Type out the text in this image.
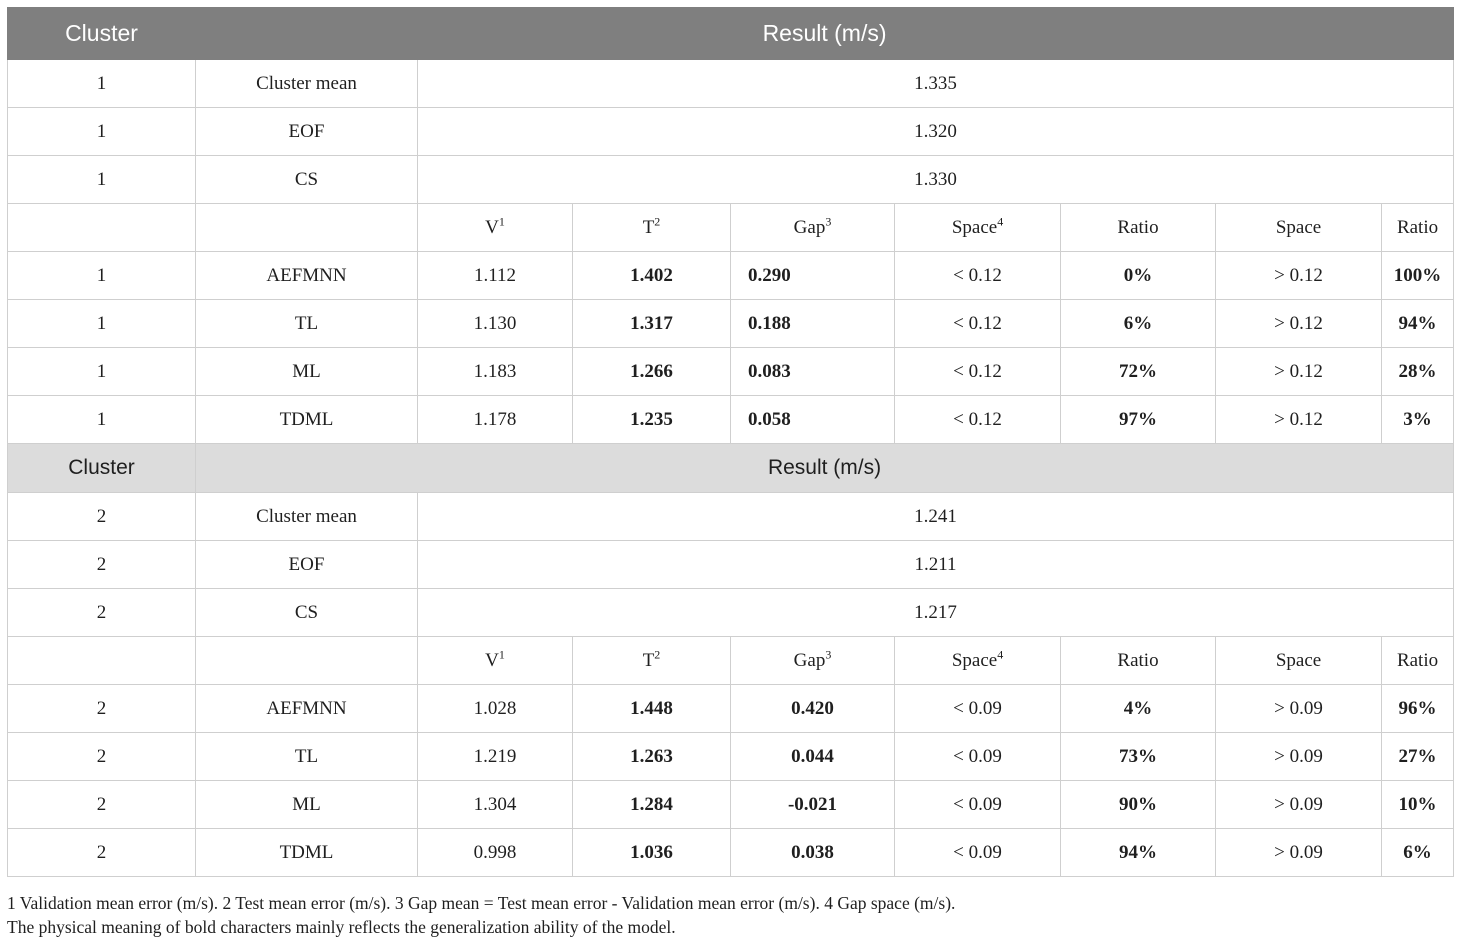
Cluster	Result (m/s)							
1	Cluster mean	1.335						
1	EOF	1.320						
1	CS	1.330						
		$V^1$	$T^2$	Gap$^3$	Space$^4$	Ratio	Space	Ratio
1	AEFMNN	1.112	1.402	0.290	< 0.12	0%	> 0.12	100%
1	TL	1.130	1.317	0.188	< 0.12	6%	> 0.12	94%
1	ML	1.183	1.266	0.083	< 0.12	72%	> 0.12	28%
1	TDML	1.178	1.235	0.058	< 0.12	97%	> 0.12	3%
Cluster	Result (m/s)							
2	Cluster mean	1.241						
2	EOF	1.211						
2	CS	1.217						
		$V^1$	$T^2$	Gap$^3$	Space$^4$	Ratio	Space	Ratio
2	AEFMNN	1.028	1.448	0.420	< 0.09	4%	> 0.09	96%
2	TL	1.219	1.263	0.044	< 0.09	73%	> 0.09	27%
2	ML	1.304	1.284	-0.021	< 0.09	90%	> 0.09	10%
2	TDML	0.998	1.036	0.038	< 0.09	94%	> 0.09	6%
1 Validation mean error (m/s). 2 Test mean error (m/s). 3 Gap mean = Test mean error - Validation mean error (m/s). 4 Gap space (m/s).
The physical meaning of bold characters mainly reflects the generalization ability of the model.
